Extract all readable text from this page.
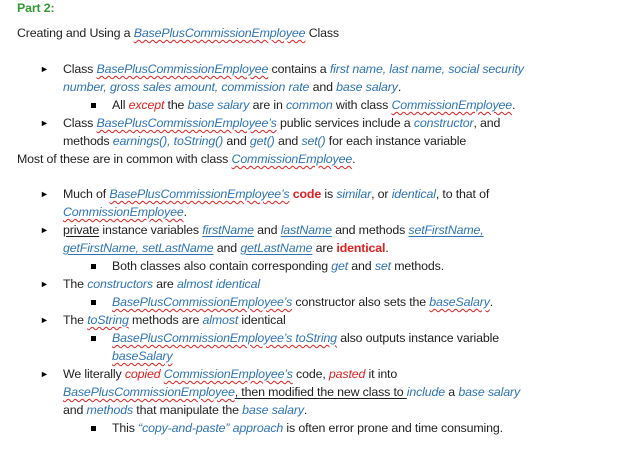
Part 2:
Creating and Using a BasePlusCommissionEmployee Class
► Class BasePlusCommissionEmployee contains a first name, last name, social security
number, gross sales amount, commission rate and base salary.
All except the base salary are in common with class CommissionEmployee.
► Class BasePlusCommissionEmployee’s public services include a constructor, and
methods earnings(), toString() and get() and set() for each instance variable
Most of these are in common with class CommissionEmployee.
► Much of BasePlusCommissionEmployee’s code is similar, or identical, to that of
CommissionEmployee.
► private instance variables firstName and lastName and methods setFirstName,
getFirstName, setLastName and getLastName are identical.
Both classes also contain corresponding get and set methods.
► The constructors are almost identical
BasePlusCommissionEmployee’s constructor also sets the baseSalary.
► The toString methods are almost identical
BasePlusCommissionEmployee’s toString also outputs instance variable
baseSalary
► We literally copied CommissionEmployee’s code, pasted it into
BasePlusCommissionEmployee, then modified the new class to include a base salary
and methods that manipulate the base salary.
This “copy-and-paste” approach is often error prone and time consuming.
